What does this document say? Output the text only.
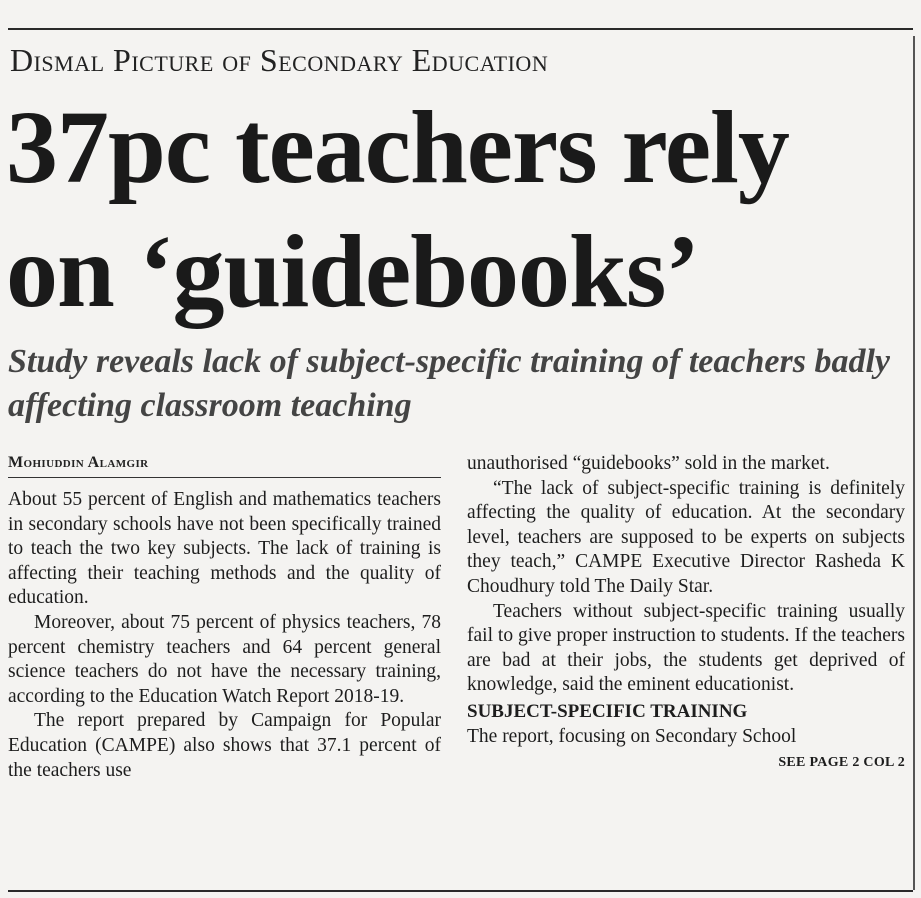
Dismal Picture of Secondary Education
37pc teachers rely on ‘guidebooks’
Study reveals lack of subject-specific training of teachers badly affecting classroom teaching
Mohiuddin Alamgir

About 55 percent of English and mathematics teachers in secondary schools have not been specifically trained to teach the two key subjects. The lack of training is affecting their teaching methods and the quality of education.

Moreover, about 75 percent of physics teachers, 78 percent chemistry teachers and 64 percent general science teachers do not have the necessary training, according to the Education Watch Report 2018-19.

The report prepared by Campaign for Popular Education (CAMPE) also shows that 37.1 percent of the teachers use

unauthorised “guidebooks” sold in the market.

“The lack of subject-specific training is definitely affecting the quality of education. At the secondary level, teachers are supposed to be experts on subjects they teach,” CAMPE Executive Director Rasheda K Choudhury told The Daily Star.

Teachers without subject-specific training usually fail to give proper instruction to students. If the teachers are bad at their jobs, the students get deprived of knowledge, said the eminent educationist.

SUBJECT-SPECIFIC TRAINING

The report, focusing on Secondary School

SEE PAGE 2 COL 2
